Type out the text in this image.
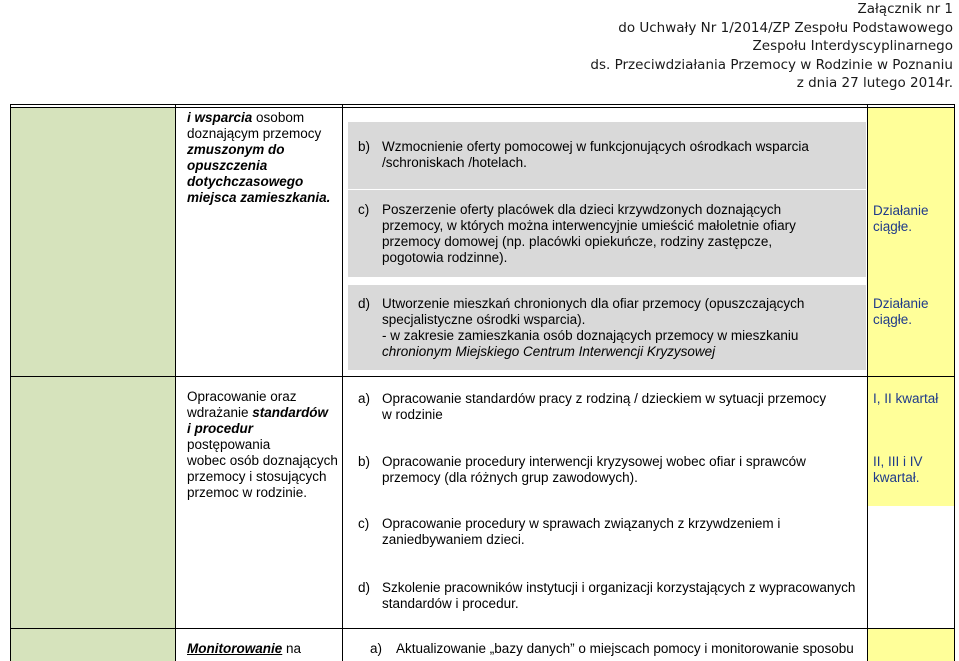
Załącznik nr 1
do Uchwały Nr 1/2014/ZP Zespołu Podstawowego
Zespołu Interdyscyplinarnego
ds. Przeciwdziałania Przemocy w Rodzinie w Poznaniu
z dnia 27 lutego 2014r.
i wsparcia osobom
doznającym przemocy
zmuszonym do
opuszczenia
dotychczasowego
miejsca zamieszkania.
b) Wzmocnienie oferty pomocowej w funkcjonujących ośrodkach wsparcia
/schroniskach /hotelach.
c) Poszerzenie oferty placówek dla dzieci krzywdzonych doznających
przemocy, w których można interwencyjnie umieścić małoletnie ofiary
przemocy domowej (np. placówki opiekuńcze, rodziny zastępcze,
pogotowia rodzinne).
Działanie
ciągłe.
d) Utworzenie mieszkań chronionych dla ofiar przemocy (opuszczających
specjalistyczne ośrodki wsparcia).
- w zakresie zamieszkania osób doznających przemocy w mieszkaniu
chronionym Miejskiego Centrum Interwencji Kryzysowej
Działanie
ciągłe.
Opracowanie oraz
wdrażanie standardów
i procedur postępowania
wobec osób doznających
przemocy i stosujących
przemoc w rodzinie.
a) Opracowanie standardów pracy z rodziną / dzieckiem w sytuacji przemocy
w rodzinie
I, II kwartał
b) Opracowanie procedury interwencji kryzysowej wobec ofiar i sprawców
przemocy (dla różnych grup zawodowych).
II, III i IV
kwartał.
c) Opracowanie procedury w sprawach związanych z krzywdzeniem i
zaniedbywaniem dzieci.
d) Szkolenie pracowników instytucji i organizacji korzystających z wypracowanych
standardów i procedur.
Monitorowanie na	a) Aktualizowanie „bazy danych” o miejscach pomocy i monitorowanie sposobu
